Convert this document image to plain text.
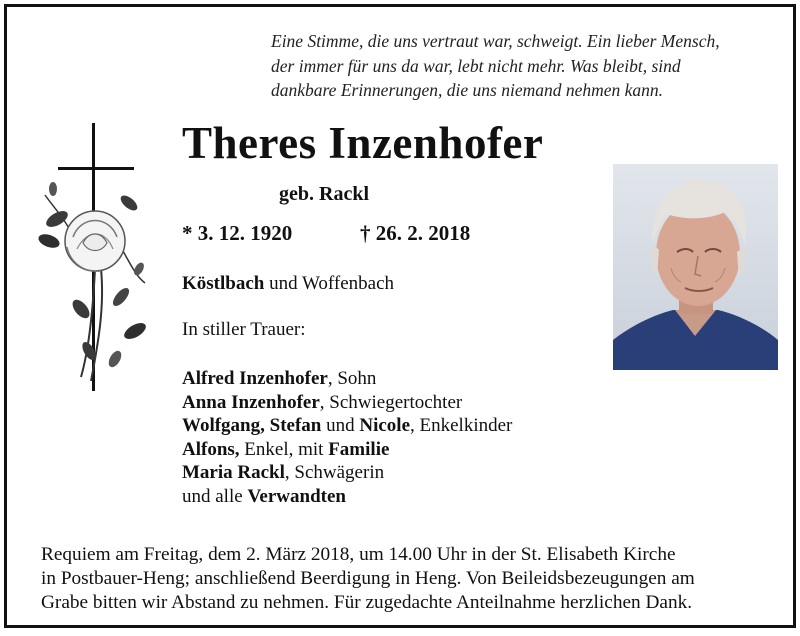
Eine Stimme, die uns vertraut war, schweigt. Ein lieber Mensch,
der immer für uns da war, lebt nicht mehr. Was bleibt, sind
dankbare Erinnerungen, die uns niemand nehmen kann.
Theres Inzenhofer
geb. Rackl
* 3. 12. 1920	† 26. 2. 2018
Köstlbach und Woffenbach
In stiller Trauer:
Alfred Inzenhofer, Sohn
Anna Inzenhofer, Schwiegertochter
Wolfgang, Stefan und Nicole, Enkelkinder
Alfons, Enkel, mit Familie
Maria Rackl, Schwägerin
und alle Verwandten
Requiem am Freitag, dem 2. März 2018, um 14.00 Uhr in der St. Elisabeth Kirche
in Postbauer-Heng; anschließend Beerdigung in Heng. Von Beileidsbezeugungen am
Grabe bitten wir Abstand zu nehmen. Für zugedachte Anteilnahme herzlichen Dank.
